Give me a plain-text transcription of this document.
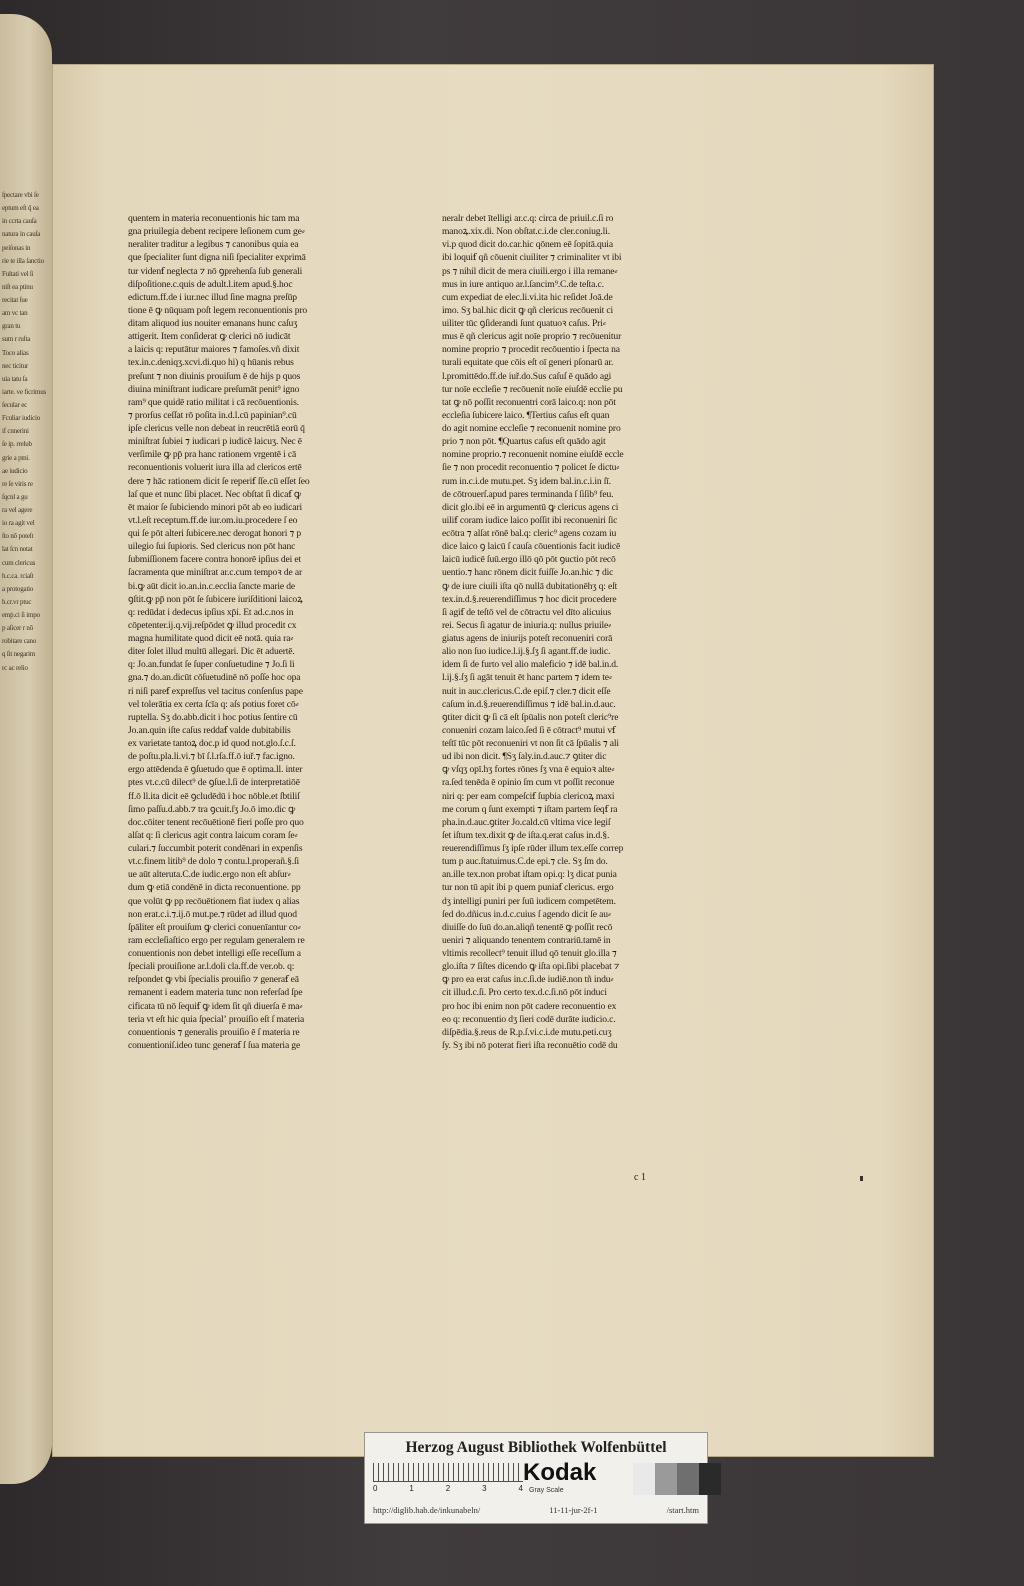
ſpectare vbi ſe
eptum eſt q̄ ea
in ccrta cauſa
natura in cauſa
peiſonas in
rie te illa ſanctio
Fultati vel ſi
niſt ea ptinu
recitat ſue
am vc tan
gran tu
sum r ruſta
Toco alias
nec ticitur
uia tatu ſa
iarte. ve ficrimus
ſecular ec
Fculiar iudicio
if cnnerini
ſe ip. rrelub
grie a ptni.
ae iudicio
re ſe viris re
ſqcnl a gu
ra vel agere
io ra agit vel
ſto nō poteſt
lat ſcn notat
cum clericus
h.c.ca. rciaſt
a protogatio
h.cr.vr ptuc
emṗ.ci ſi impo
p aſicer r nō
robitare cano
q ſit negarim
rc ac relio
quentem in materia reconuentionis hic tam ma
gna priuilegia debent recipere leſionem cum ge⸗
neraliter traditur a legibus ⁊ canonibus quia ea
que ſpecialiter ſunt digna niſi ſpecialiter exprimā
tur videnẜ neglecta ⁊ nō ꝯprehenſa ſub generali
diſpoſitione.c.quis de adult.l.item apud.§.hoc
edictum.ff.de i iur.nec illud ſine magna preſūp
tione ē ꝙ nūquam poſt legem reconuentionis pro
ditam aliquod ius nouiter emanans hunc caſuʒ
attigerit. Item conſiderat ꝙ clerici nō iudicāt
a laicis q: reputātur maiores ⁊ famoſes.vñ dixit
tex.in.c.deniqʒ.xcvi.di.quo hi) q hūanis rebus
preſunt ⁊ non diuinis prouiſum ē de hijs p quos
diuina miniſtrant iudicare preſumāt penit⁹ igno
ram⁹ que quidē ratio militat i cā recōuentionis.
⁊ prorſus ceſſat rō poſita in.d.l.cū papinian⁹.cū
ipſe clericus velle non debeat in reucrētiā eorū q̄
miniſtrat ſubiei ⁊ iudicari p iudicē laicuʒ. Nec ē
verſimile ꝙ pp̄ pra hanc rationem vrgentē i cā
reconuentionis voluerit iura illa ad clericos ertē
dere ⁊ hāc rationem dicit ſe reperiẜ ſſe.cū eſſet ſeo
laſ que et nunc ſibi placet. Nec obſtat ſi dicaẜ ꝙ
ēt maior ſe ſubiciendo minori pōt ab eo iudicari
vt.l.eſt receptum.ff.de iur.om.iu.procedere ſ eo
qui ſe pōt alteri ſubicere.nec derogat honori ⁊ p
uilegio ſui ſupioris. Sed clericus non pōt hanc
ſubmiſſionem facere contra honorē ipſius dei et
ſacramenta que miniſtrat ar.c.cum tempoꝛ de ar
bi.ꝙ aūt dicit io.an.in.c.ecclia ſancte marie de
ꝯſtit.ꝙ pp̄ non pōt ſe ſubicere iuriſditioni laicoꝝ
q: redūdat i dedecus ipſius xp̄i. Et ad.c.nos in
cōpetenter.ij.q.vij.reſpōdet ꝙ illud procedit cx
magna humilitate quod dicit eē notā. quia ra⸗
diter ſolet illud multū allegari. Dic ēt aduertē.
q: Jo.an.fundat ſe ſuper conſuetudine ⁊ Jo.ſi li
gna.⁊ do.an.dicūt cōſuetudinē nō poſſe hoc opa
ri niſi pareẜ expreſſus vel tacitus conſenſus pape
vel tolerātia ex certa ſcīa q: aſs potius foret cō⸗
ruptella. Sʒ do.abb.dicit i hoc potius ſentire cū
Jo.an.quin iſte caſus reddaẜ valde dubitabilis
ex varietate tantoꝝ doc.p id quod not.glo.ſ.c.ſ.
de poſtu.pla.li.vi.⁊ bī ſ.l.rſa.ff.ō iuř.⁊ fac.igno.
ergo attēdenda ē ꝯſuetudo que ē optima.ll. inter
ptes vt.c.cū dilect⁹ de ꝯſue.l.ſi de interpretatiōē
ff.ō ll.ita dicit eē ꝯcludēdū i hoc nōble.et ſbtiliſ
ſimo paſſu.d.abb.⁊ tra ꝯcuit.ſʒ Jo.ō imo.dic ꝙ
doc.cōiter tenent recōuētionē fieri poſſe pro quo
alſat q: ſi clericus agit contra laicum coram ſe⸗
culari.⁊ ſuccumbit poterit condēnari in expenſis
vt.c.finem litib⁹ de dolo ⁊ contu.l.properañ.§.ſi
ue aūt alteruta.C.de iudic.ergo non eſt abſur⸗
dum ꝙ etiā condēnē in dicta reconuentione. pp
que volūt ꝙ pp recōuētionem fiat iudex q alias
non erat.c.i.⁊.ij.ō mut.pe.⁊ rūdet ad illud quod
ſpāliter eſt prouiſum ꝙ clerici conuenīantur co⸗
ram eccleſiaſtico ergo per regulam generalem re
conuentionis non debet intelligi eſſe receſſum a
ſpeciali prouiſione ar.l.doli cla.ff.de ver.ob. q:
reſpondet ꝙ vbi ſpecialis prouiſio ⁊ generaẜ eā
remanent i eadem materia tunc non referſad ſpe
cificata tū nō ſequiẜ ꝙ idem ſit qñ diuerſa ē ma⸗
teria vt eſt hic quia ſpecialʼ prouiſio eſt ſ materia
conuentionis ⁊ generalis prouiſio ē ſ materia re
conuentioniſ.ideo tunc generaẜ ſ ſua materia ge
neralr debet ītelligi ar.c.q: circa de priuil.c.ſi ro
manoꝝ.xix.di. Non obſtat.c.i.de cler.coniug.li.
vi.p quod dicit do.car.hic qōnem eē ſopitā.quia
ibi loquiẜ qñ cōuenit ciuiliter ⁊ criminaliter vt ibi
ps ⁊ nihil dicit de mera ciuili.ergo i illa remane⸗
mus in iure antiquo ar.l.ſancim⁹.C.de teſta.c.
cum expediat de elec.li.vi.ita hic reſidet Joā.de
imo. Sʒ bal.hic dicit ꝙ qñ clericus recōuenit ci
uiliter tūc ꝯſiderandi ſunt quatuoꝛ caſus. Pri⸗
mus ē qñ clericus agit noīe proprio ⁊ recōuenitur
nomine proprio ⁊ procedit recōuentio i ſpecta na
turali equitate que cōis eſt oī generi pſonarū ar.
l.promittēdo.ff.de iuř.do.Sus caſuſ ē quādo agi
tur noīe eccleſie ⁊ recōuenit noīe eiuſdē ecclie pu
tat ꝙ nō poſſit reconuentri corā laico.q: non pōt
eccleſia ſubicere laico. ¶Tertius caſus eſt quan
do agit nomine eccleſie ⁊ reconuenit nomine pro
prio ⁊ non pōt. ¶Quartus caſus eſt quādo agit
nomine proprio.⁊ reconuenit nomine eiuſdē eccle
ſie ⁊ non procedit reconuentio ⁊ policet ſe dictu⸗
rum in.c.i.de mutu.pet. Sʒ idem bal.in.c.i.in ſī.
de cōtrouerſ.apud pares terminanda ſ ſiſib⁹ feu.
dicit glo.ibi eē in argumentū ꝙ clericus agens ci
uiliẜ coram iudice laico poſſit ibi reconueniri ſic
ecōtra ⁊ alſat rōnē bal.q: cleric⁹ agens cozam iu
dice laico ꝯ laicū ſ cauſa cōuentionis facit iudicē
laicū iudicē ſuū.ergo illō qō pōt ꝯuctio pōt recō
uentio.⁊ hanc rōnem dicit fuiſſe Jo.an.hic ⁊ dic
ꝙ de iure ciuili iſta qō nullā dubitationēhʒ q: eſt
tex.in.d.§.reuerendiſſimus ⁊ hoc dicit procedere
ſi agiẜ de teſtō vel de cōtractu vel dīto alicuius
rei. Secus ſi agatur de iniuria.q: nullus priuile⸗
giatus agens de iniurijs poteſt reconueniri corā
alio non ſuo iudice.l.ij.§.ſʒ ſi agant.ff.de iudic.
idem ſi de furto vel alio maleficio ⁊ idē bal.in.d.
l.ij.§.ſʒ ſi agāt tenuit ēt hanc partem ⁊ idem te⸗
nuit in auc.clericus.C.de epiſ.⁊ cler.⁊ dicit eſſe
caſum in.d.§.reuerendiſſimus ⁊ idē bal.in.d.auc.
ꝯtiter dicit ꝙ ſi cā eſt ſpūalis non poteſt cleric⁹re
conueniri cozam laico.ſed ſi ē cōtract⁹ mutui vẜ
teſtī tūc pōt reconueniri vt non ſit cā ſpūalis ⁊ ali
ud ibi non dicit. ¶Sʒ ſaly.in.d.auc.⁊ ꝯtiter dic
ꝙ vſqʒ opī.hʒ fortes rōnes ſʒ vna ē equioꝛ alte⸗
ra.ſed tenēda ē opinio ſm cum vt poſſit reconue
niri q: per eam compeſciẜ ſupbia clericoꝝ maxi
me corum q ſunt exempti ⁊ iſtam partem ſeqẜ ra
pha.in.d.auc.ꝯtiter Jo.cald.cū vltima vice legiſ
ſet iſtum tex.dixit ꝙ de iſta.q.erat caſus in.d.§.
reuerendiſſimus ſʒ ipſe rūder illum tex.eſſe correp
tum p auc.ſtatuimus.C.de epi.⁊ cle. Sʒ ſm do.
an.ille tex.non probat iſtam opi.q: lʒ dicat punia
tur non tū apit ibi p quem puniaẜ clericus. ergo
dʒ intelligi puniri per ſuū iudicem competētem.
ſed do.dñicus in.d.c.cuius ſ agendo dicit ſe au⸗
diuiſſe do ſuū do.an.aliqñ tenentē ꝙ poſſit recō
ueniri ⁊ aliquando tenentem contrariū.tamē in
vltimis recollect⁹ tenuit illud qō tenuit glo.illa ⁊
glo.iſta ⁊ ſiſtes dicendo ꝙ iſta opi.ſibi placebat ⁊
ꝙ pro ea erat caſus in.c.ſi.de iudiē.non tñ indu⸗
cit illud.c.ſi. Pro certo tex.d.c.ſi.nō pōt induci
pro hoc ibi enim non pōt cadere reconuentio ex
eo q: reconuentio dʒ ſieri codē durāte iudicio.c.
diſpēdia.§.reus de R.p.ſ.vi.c.i.de mutu.peti.cuʒ
ſy. Sʒ ibi nō poterat fieri iſta reconuētio codē du
c 1
Herzog August Bibliothek Wolfenbüttel
0	1	2	3	4
Kodak
Gray Scale
http://diglib.hab.de/inkunabeln/	11-11-jur-2f-1	/start.htm
